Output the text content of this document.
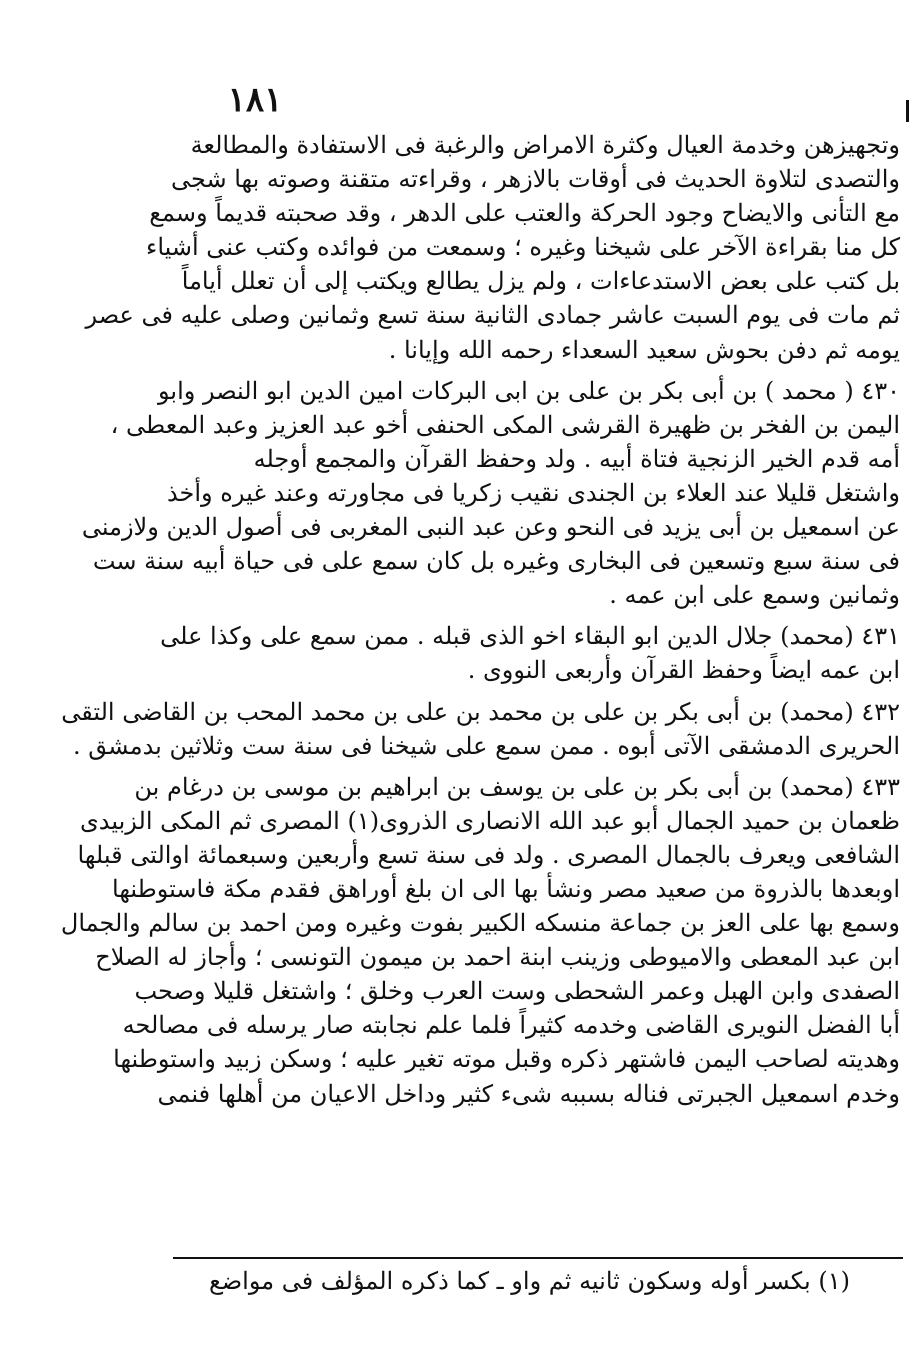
١٨١
وتجهيزهن وخدمة العيال وكثرة الامراض والرغبة فى الاستفادة والمطالعة
والتصدى لتلاوة الحديث فى أوقات بالازهر ، وقراءته متقنة وصوته بها شجى
مع التأنى والايضاح وجود الحركة والعتب على الدهر ، وقد صحبته قديماً وسمع
كل منا بقراءة الآخر على شيخنا وغيره ؛ وسمعت من فوائده وكتب عنى أشياء
بل كتب على بعض الاستدعاءات ، ولم يزل يطالع ويكتب إلى أن تعلل أياماً
ثم مات فى يوم السبت عاشر جمادى الثانية سنة تسع وثمانين وصلى عليه فى عصر
يومه ثم دفن بحوش سعيد السعداء رحمه الله وإيانا .
٤٣٠ ( محمد ) بن أبى بكر بن على بن ابى البركات امين الدين ابو النصر وابو
اليمن بن الفخر بن ظهيرة القرشى المكى الحنفى أخو عبد العزيز وعبد المعطى ،
أمه قدم الخير الزنجية فتاة أبيه . ولد وحفظ القرآن والمجمع أوجله
واشتغل قليلا عند العلاء بن الجندى نقيب زكريا فى مجاورته وعند غيره وأخذ
عن اسمعيل بن أبى يزيد فى النحو وعن عبد النبى المغربى فى أصول الدين ولازمنى
فى سنة سبع وتسعين فى البخارى وغيره بل كان سمع على فى حياة أبيه سنة ست
وثمانين وسمع على ابن عمه .
٤٣١ (محمد) جلال الدين ابو البقاء اخو الذى قبله . ممن سمع على وكذا على
ابن عمه ايضاً وحفظ القرآن وأربعى النووى .
٤٣٢ (محمد) بن أبى بكر بن على بن محمد بن على بن محمد المحب بن القاضى التقى
الحريرى الدمشقى الآتى أبوه . ممن سمع على شيخنا فى سنة ست وثلاثين بدمشق .
٤٣٣ (محمد) بن أبى بكر بن على بن يوسف بن ابراهيم بن موسى بن درغام بن
ظعمان بن حميد الجمال أبو عبد الله الانصارى الذروى(١) المصرى ثم المكى الزبيدى
الشافعى ويعرف بالجمال المصرى . ولد فى سنة تسع وأربعين وسبعمائة اوالتى قبلها
اوبعدها بالذروة من صعيد مصر ونشأ بها الى ان بلغ أوراهق فقدم مكة فاستوطنها
وسمع بها على العز بن جماعة منسكه الكبير بفوت وغيره ومن احمد بن سالم والجمال
ابن عبد المعطى والاميوطى وزينب ابنة احمد بن ميمون التونسى ؛ وأجاز له الصلاح
الصفدى وابن الهبل وعمر الشحطى وست العرب وخلق ؛ واشتغل قليلا وصحب
أبا الفضل النويرى القاضى وخدمه كثيراً فلما علم نجابته صار يرسله فى مصالحه
وهديته لصاحب اليمن فاشتهر ذكره وقبل موته تغير عليه ؛ وسكن زبيد واستوطنها
وخدم اسمعيل الجبرتى فناله بسببه شىء كثير وداخل الاعيان من أهلها فنمى
(١) بكسر أوله وسكون ثانيه ثم واو ـ كما ذكره المؤلف فى مواضع
